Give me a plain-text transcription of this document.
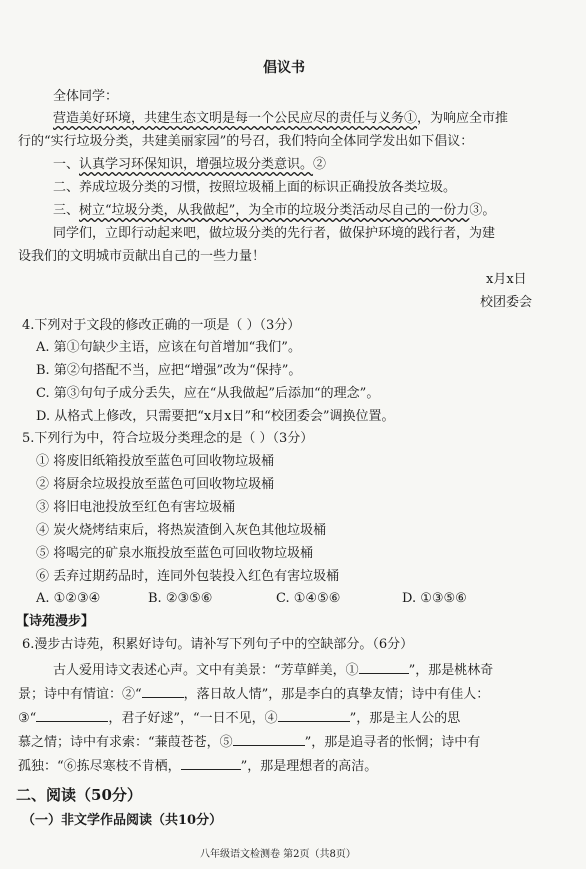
倡议书
全体同学：
营造美好环境，共建生态文明是每一个公民应尽的责任与义务①，为响应全市推
行的“实行垃圾分类，共建美丽家园”的号召，我们特向全体同学发出如下倡议：
一、认真学习环保知识，增强垃圾分类意识。②
二、养成垃圾分类的习惯，按照垃圾桶上面的标识正确投放各类垃圾。
三、树立“垃圾分类，从我做起”，为全市的垃圾分类活动尽自己的一份力③。
同学们，立即行动起来吧，做垃圾分类的先行者，做保护环境的践行者，为建
设我们的文明城市贡献出自己的一些力量！
x月x日
校团委会
4.下列对于文段的修改正确的一项是（ ）（3分）
A. 第①句缺少主语，应该在句首增加“我们”。
B. 第②句搭配不当，应把“增强”改为“保持”。
C. 第③句句子成分丢失，应在“从我做起”后添加“的理念”。
D. 从格式上修改，只需要把“x月x日”和“校团委会”调换位置。
5.下列行为中，符合垃圾分类理念的是（ ）（3分）
① 将废旧纸箱投放至蓝色可回收物垃圾桶
② 将厨余垃圾投放至蓝色可回收物垃圾桶
③ 将旧电池投放至红色有害垃圾桶
④ 炭火烧烤结束后，将热炭渣倒入灰色其他垃圾桶
⑤ 将喝完的矿泉水瓶投放至蓝色可回收物垃圾桶
⑥ 丢弃过期药品时，连同外包装投入红色有害垃圾桶
A. ①②③④	B. ②③⑤⑥	C. ①④⑤⑥	D. ①③⑤⑥
【诗苑漫步】
6.漫步古诗苑，积累好诗句。请补写下列句子中的空缺部分。（6分）
古人爱用诗文表述心声。文中有美景：“芳草鲜美，①	”，那是桃林奇
景；诗中有情谊：②“	，落日故人情”，那是李白的真挚友情；诗中有佳人：
③“	，君子好逑”，“一日不见，④	”，那是主人公的思
慕之情；诗中有求索：“蒹葭苍苍，⑤	”，那是追寻者的怅惘；诗中有
孤独：“⑥拣尽寒枝不肯栖，	”，那是理想者的高洁。
二、阅读（50分）
（一）非文学作品阅读（共10分）
八年级语文检测卷 第2页（共8页）
